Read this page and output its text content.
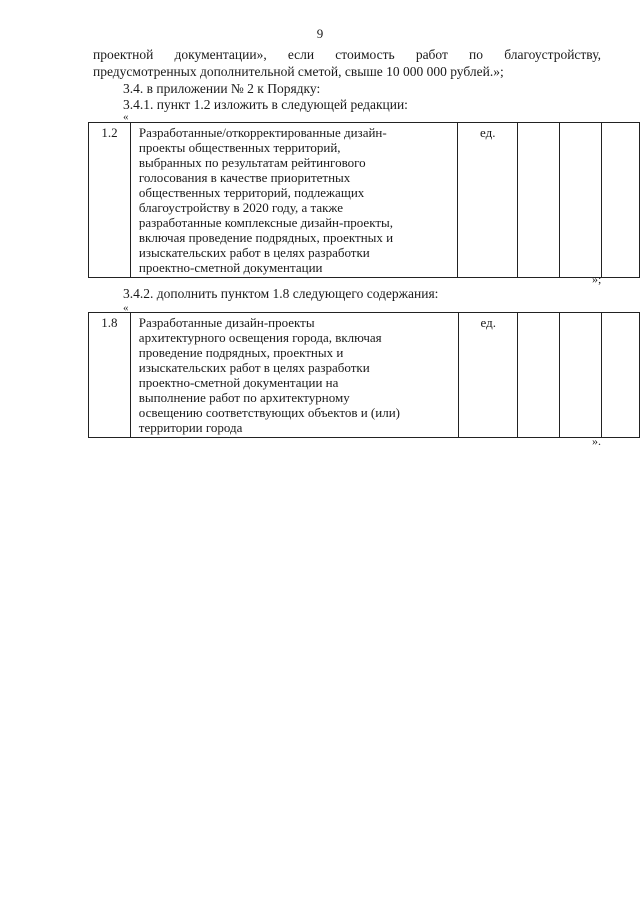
9
проектной документации», если стоимость работ по благоустройству,
предусмотренных дополнительной сметой, свыше 10 000 000 рублей.»;
3.4. в приложении № 2 к Порядку:
3.4.1. пункт 1.2 изложить в следующей редакции:
«
1.2	Разработанные/откорректированные дизайн-
проекты общественных территорий,
выбранных по результатам рейтингового
голосования в качестве приоритетных
общественных территорий, подлежащих
благоустройству в 2020 году, а также
разработанные комплексные дизайн-проекты,
включая проведение подрядных, проектных и
изыскательских работ в целях разработки
проектно-сметной документации
	ед.			
»;
3.4.2. дополнить пунктом 1.8 следующего содержания:
«
1.8	Разработанные дизайн-проекты
архитектурного освещения города, включая
проведение подрядных, проектных и
изыскательских работ в целях разработки
проектно-сметной документации на
выполнение работ по архитектурному
освещению соответствующих объектов и (или)
территории города
	ед.			
».
